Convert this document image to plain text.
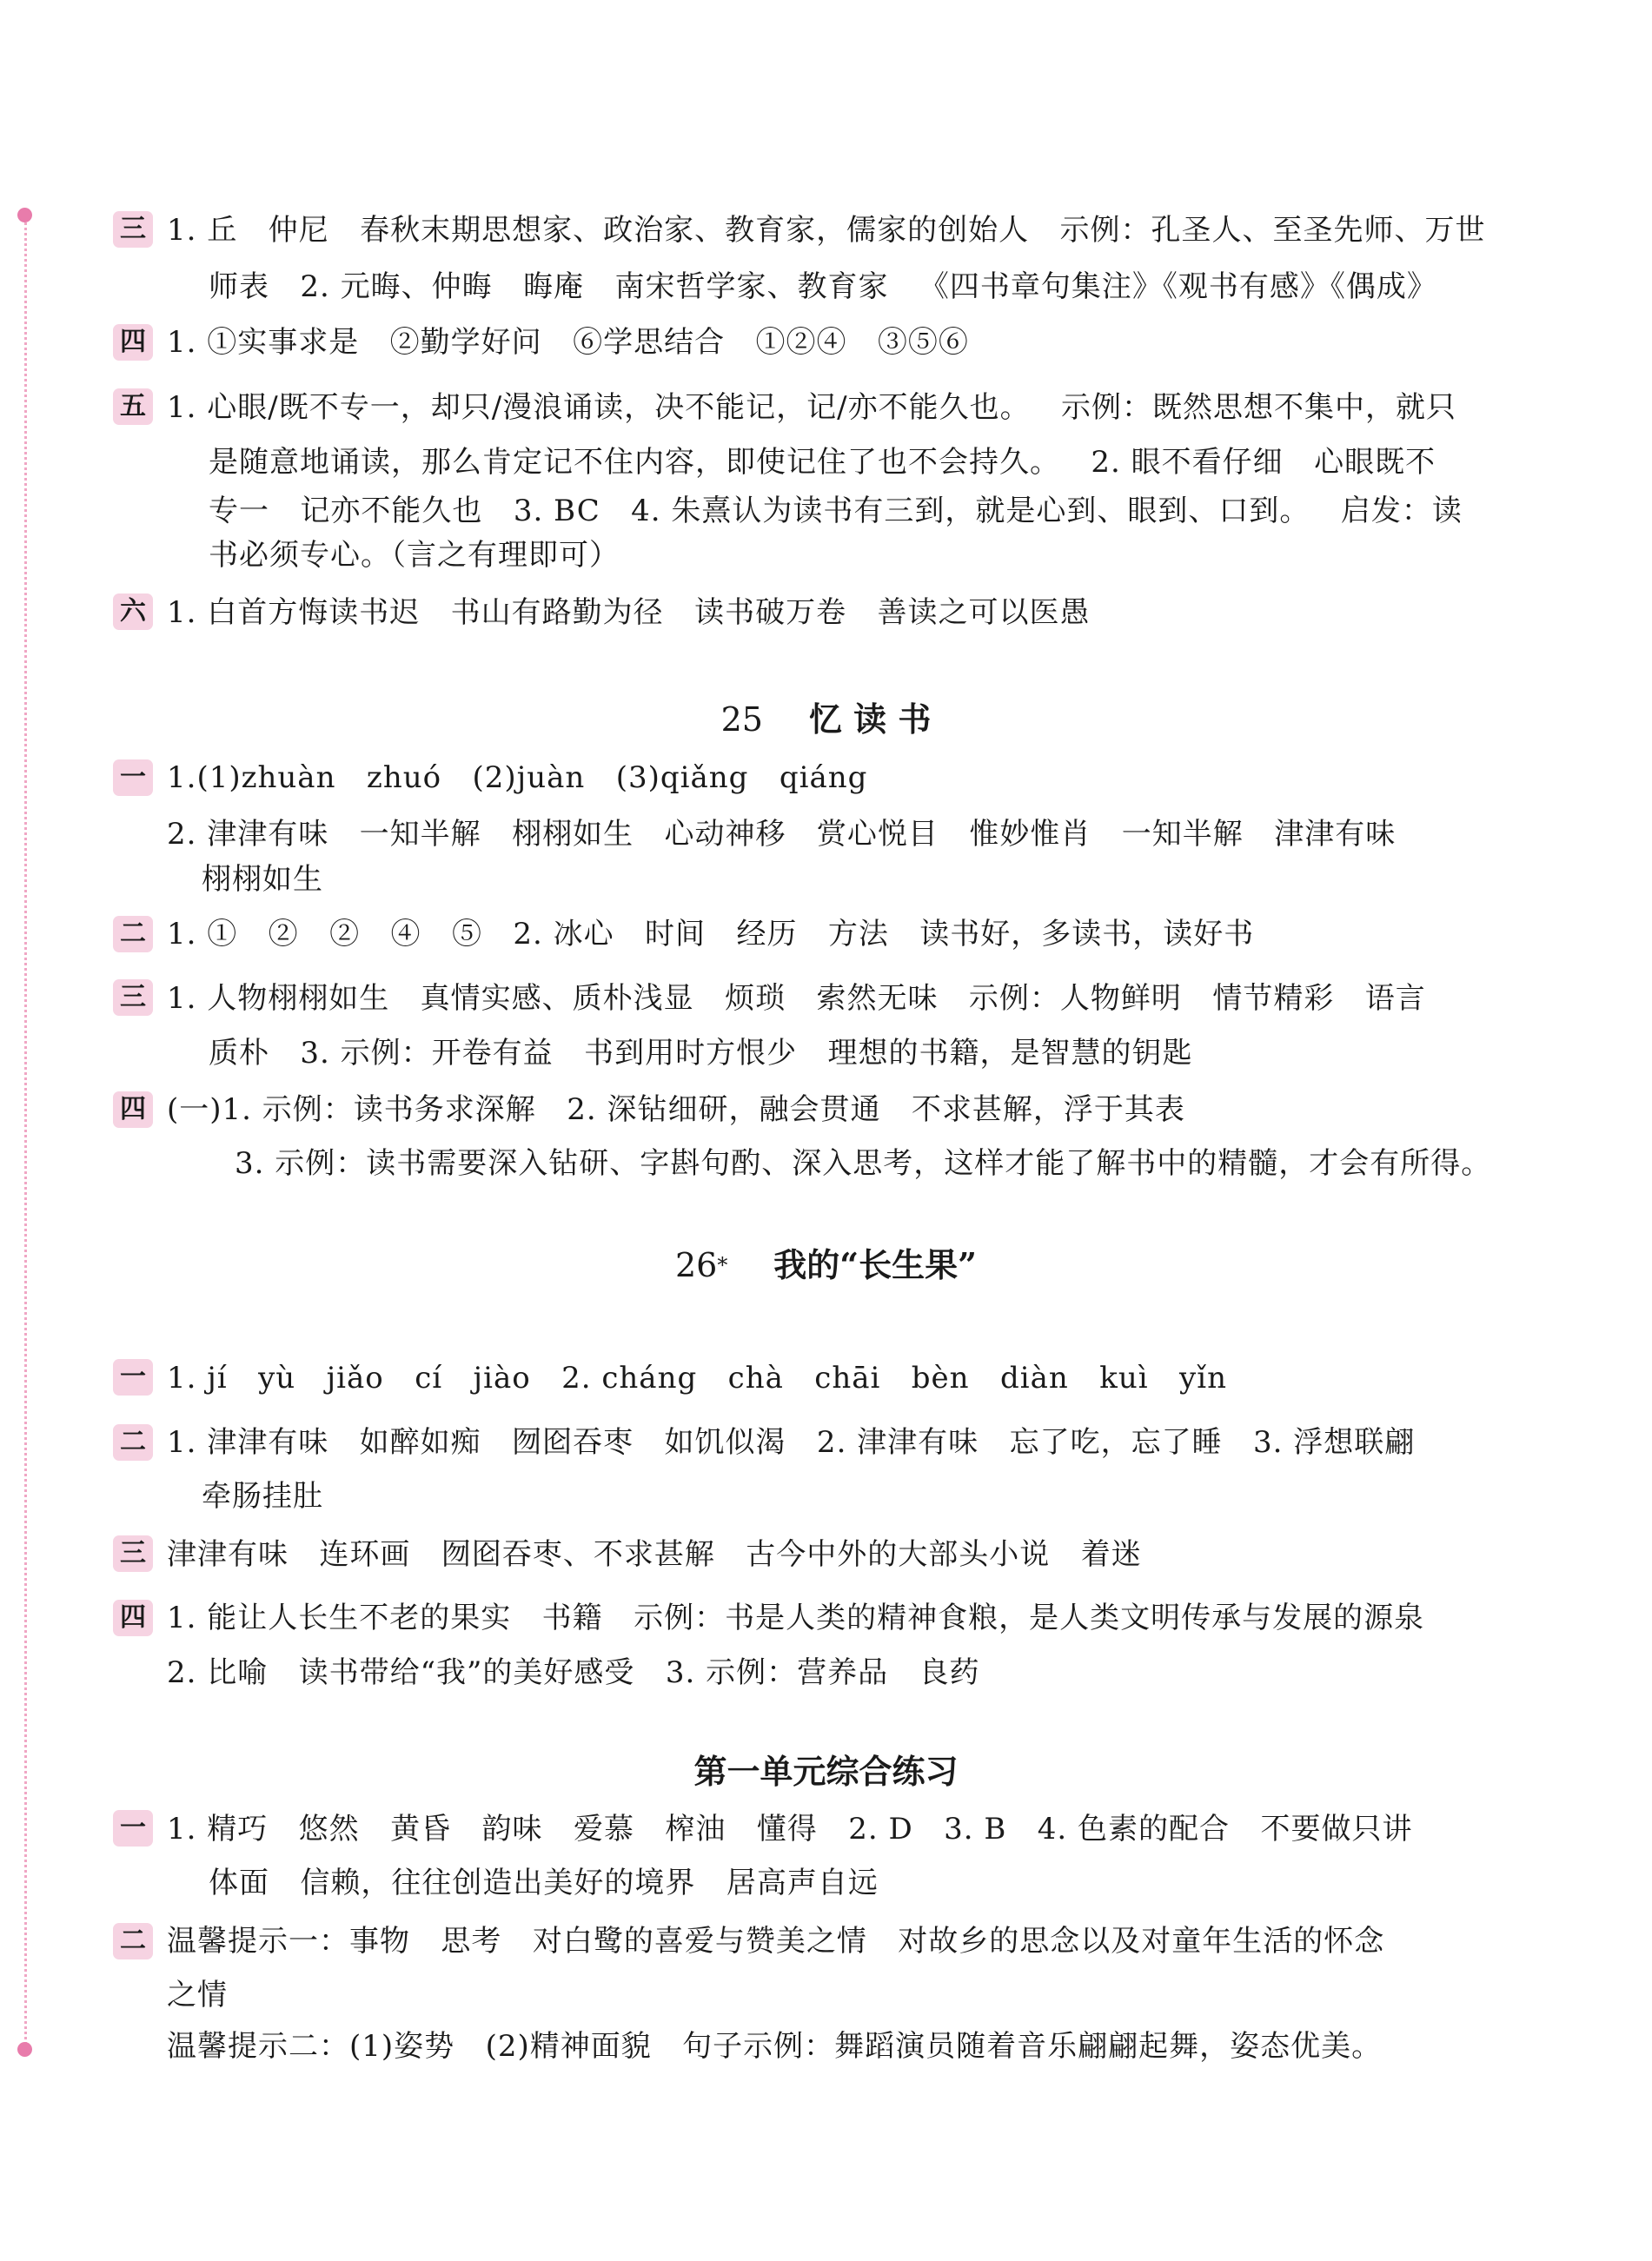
三 1. 丘   仲尼   春秋末期思想家、政治家、教育家，儒家的创始人   示例：孔圣人、至圣先师、万世
师表   2. 元晦、仲晦   晦庵   南宋哲学家、教育家   《四书章句集注》《观书有感》《偶成》
四 1. ①实事求是   ②勤学好问   ⑥学思结合   ①②④   ③⑤⑥
五 1. 心眼/既不专一，却只/漫浪诵读，决不能记，记/亦不能久也。   示例：既然思想不集中，就只
是随意地诵读，那么肯定记不住内容，即使记住了也不会持久。   2. 眼不看仔细   心眼既不
专一   记亦不能久也   3. BC   4. 朱熹认为读书有三到，就是心到、眼到、口到。   启发：读
书必须专心。（言之有理即可）
六 1. 白首方悔读书迟   书山有路勤为径   读书破万卷   善读之可以医愚
25 忆 读 书
一 1.(1)zhuàn   zhuó   (2)juàn   (3)qiǎng   qiáng
2. 津津有味   一知半解   栩栩如生   心动神移   赏心悦目   惟妙惟肖   一知半解   津津有味
栩栩如生
二 1. ①   ②   ②   ④   ⑤   2. 冰心   时间   经历   方法   读书好，多读书，读好书
三 1. 人物栩栩如生   真情实感、质朴浅显   烦琐   索然无味   示例：人物鲜明   情节精彩   语言
质朴   3. 示例：开卷有益   书到用时方恨少   理想的书籍，是智慧的钥匙
四 (一)1. 示例：读书务求深解   2. 深钻细研，融会贯通   不求甚解，浮于其表
3. 示例：读书需要深入钻研、字斟句酌、深入思考，这样才能了解书中的精髓，才会有所得。
26* 我的“长生果”
一 1. jí   yù   jiǎo   cí   jiào   2. cháng   chà   chāi   bèn   diàn   kuì   yǐn
二 1. 津津有味   如醉如痴   囫囵吞枣   如饥似渴   2. 津津有味   忘了吃，忘了睡   3. 浮想联翩
牵肠挂肚
三 津津有味   连环画   囫囵吞枣、不求甚解   古今中外的大部头小说   着迷
四 1. 能让人长生不老的果实   书籍   示例：书是人类的精神食粮，是人类文明传承与发展的源泉
2. 比喻   读书带给“我”的美好感受   3. 示例：营养品   良药
第一单元综合练习
一 1. 精巧   悠然   黄昏   韵味   爱慕   榨油   懂得   2. D   3. B   4. 色素的配合   不要做只讲
体面   信赖，往往创造出美好的境界   居高声自远
二 温馨提示一：事物   思考   对白鹭的喜爱与赞美之情   对故乡的思念以及对童年生活的怀念
之情
温馨提示二：(1)姿势   (2)精神面貌   句子示例：舞蹈演员随着音乐翩翩起舞，姿态优美。
